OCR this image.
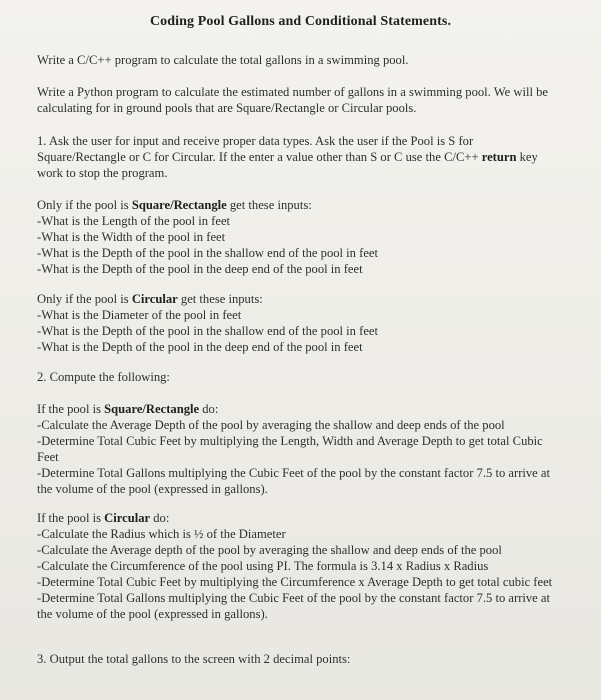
Coding Pool Gallons and Conditional Statements.

Write a C/C++ program to calculate the total gallons in a swimming pool.

Write a Python program to calculate the estimated number of gallons in a swimming pool. We will be calculating for in ground pools that are Square/Rectangle or Circular pools.

1. Ask the user for input and receive proper data types. Ask the user if the Pool is S for Square/Rectangle or C for Circular. If the enter a value other than S or C use the C/C++ return key work to stop the program.

Only if the pool is Square/Rectangle get these inputs:

-What is the Length of the pool in feet

-What is the Width of the pool in feet

-What is the Depth of the pool in the shallow end of the pool in feet

-What is the Depth of the pool in the deep end of the pool in feet

Only if the pool is Circular get these inputs:

-What is the Diameter of the pool in feet

-What is the Depth of the pool in the shallow end of the pool in feet

-What is the Depth of the pool in the deep end of the pool in feet

2. Compute the following:

If the pool is Square/Rectangle do:

-Calculate the Average Depth of the pool by averaging the shallow and deep ends of the pool

-Determine Total Cubic Feet by multiplying the Length, Width and Average Depth to get total Cubic Feet

-Determine Total Gallons multiplying the Cubic Feet of the pool by the constant factor 7.5 to arrive at the volume of the pool (expressed in gallons).

If the pool is Circular do:

-Calculate the Radius which is ½ of the Diameter

-Calculate the Average depth of the pool by averaging the shallow and deep ends of the pool

-Calculate the Circumference of the pool using PI. The formula is 3.14 x Radius x Radius

-Determine Total Cubic Feet by multiplying the Circumference x Average Depth to get total cubic feet

-Determine Total Gallons multiplying the Cubic Feet of the pool by the constant factor 7.5 to arrive at the volume of the pool (expressed in gallons).

3. Output the total gallons to the screen with 2 decimal points:
